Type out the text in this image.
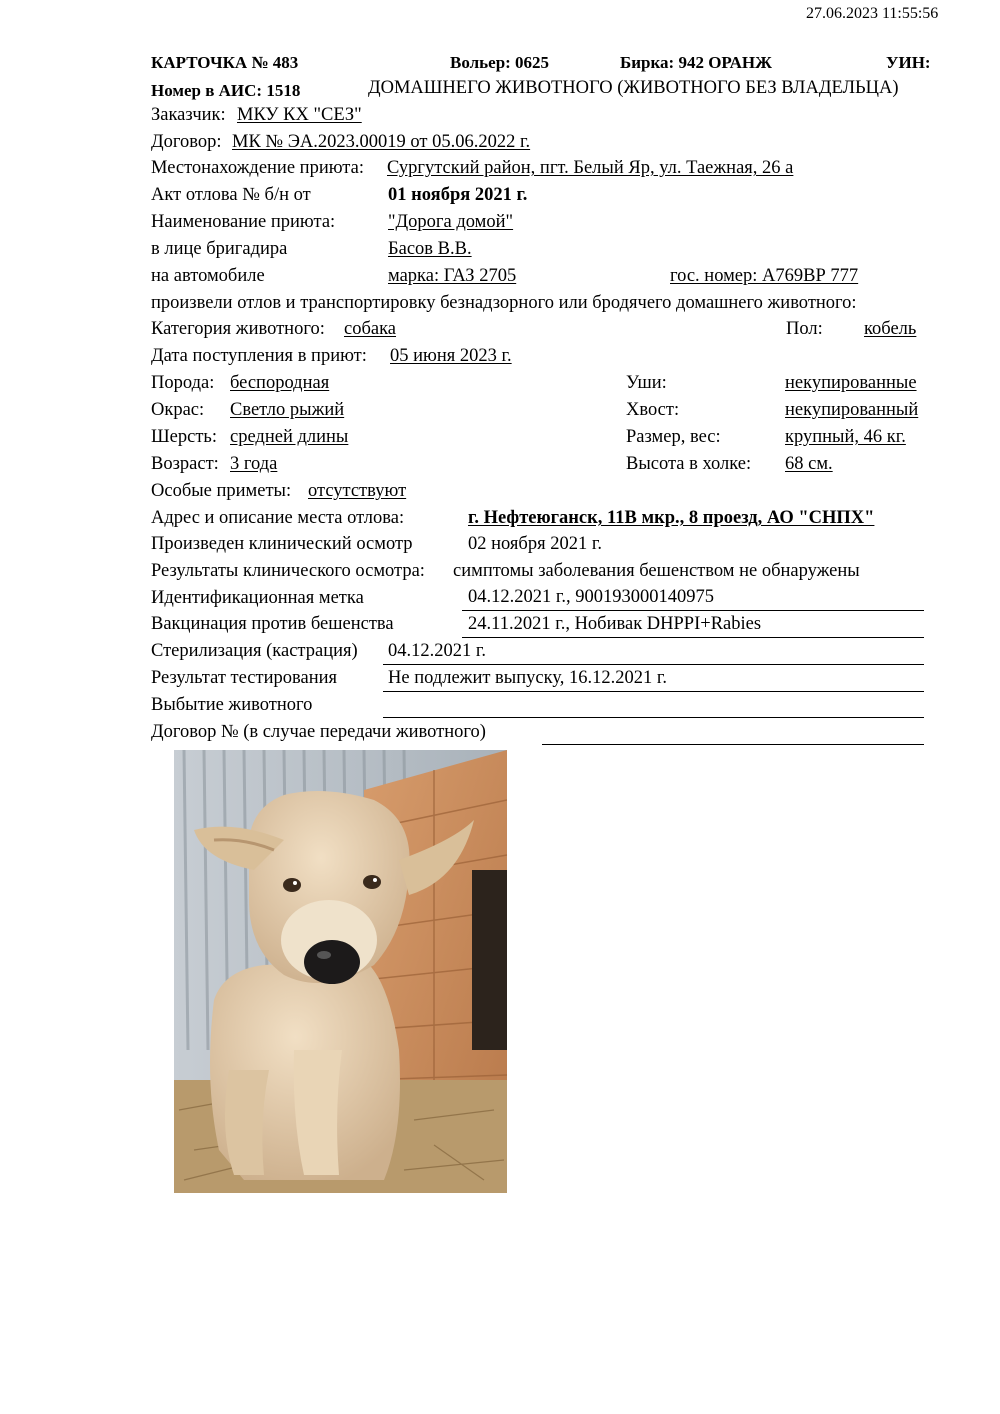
27.06.2023 11:55:56
КАРТОЧКА № 483	Вольер: 0625	Бирка: 942 ОРАНЖ	УИН:
Номер в АИС: 1518	ДОМАШНЕГО ЖИВОТНОГО (ЖИВОТНОГО БЕЗ ВЛАДЕЛЬЦА)
Заказчик: МКУ КХ "СЕЗ"
Договор: МК № ЭА.2023.00019 от 05.06.2022 г.
Местонахождение приюта: Сургутский район, пгт. Белый Яр, ул. Таежная, 26 а
Акт отлова № б/н от	01 ноября 2021 г.
Наименование приюта:	"Дорога домой"
в лице бригадира	Басов В.В.
на автомобиле	марка: ГАЗ 2705	гос. номер: А769ВР 777
произвели отлов и транспортировку безнадзорного или бродячего домашнего животного:
Категория животного: собака	Пол: кобель
Дата поступления в приют: 05 июня 2023 г.
Порода: беспородная	Уши:	некупированные
Окрас: Светло рыжий	Хвост:	некупированный
Шерсть: средней длины	Размер, вес:	крупный, 46 кг.
Возраст: 3 года	Высота в холке: 68 см.
Особые приметы: отсутствуют
Адрес и описание места отлова:	г. Нефтеюганск, 11В мкр., 8 проезд, АО "СНПХ"
Произведен клинический осмотр	02 ноября 2021 г.
Результаты клинического осмотра: симптомы заболевания бешенством не обнаружены
Идентификационная метка	04.12.2021 г., 900193000140975
Вакцинация против бешенства	24.11.2021 г., Нобивак DHPPI+Rabies
Стерилизация (кастрация) 04.12.2021 г.
Результат тестирования	Не подлежит выпуску, 16.12.2021 г.
Выбытие животного
Договор № (в случае передачи животного)
